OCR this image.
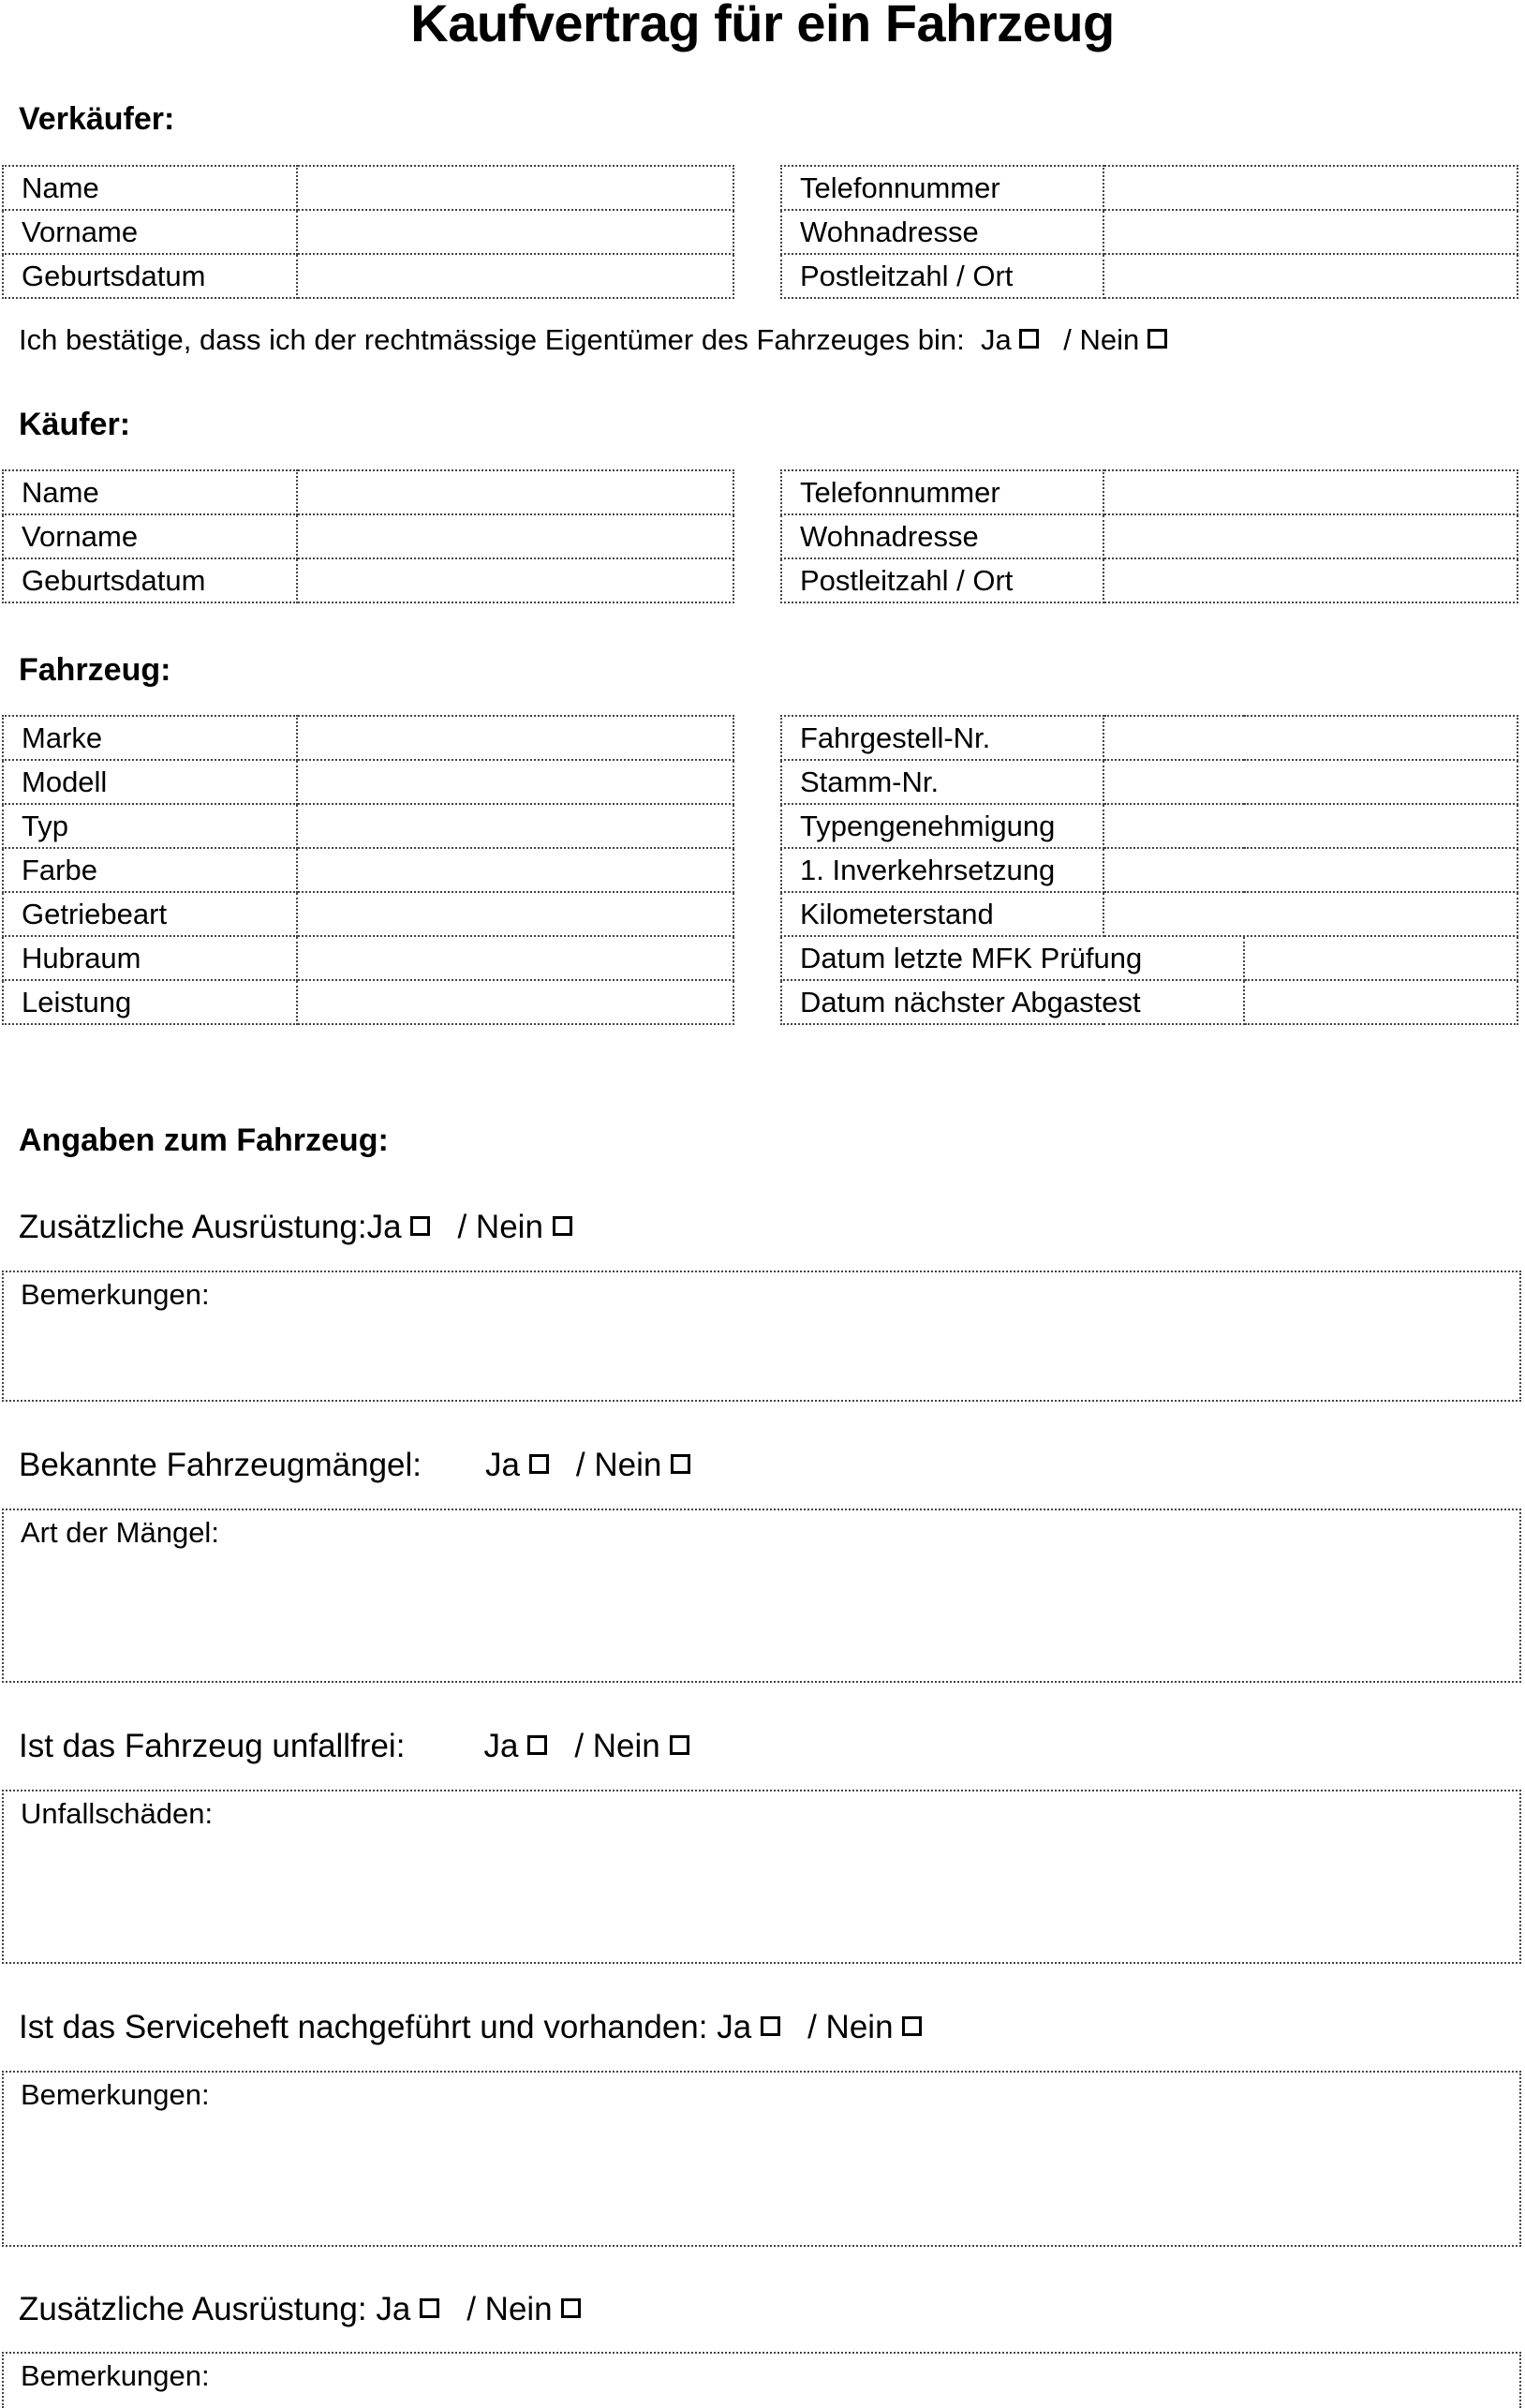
Kaufvertrag für ein Fahrzeug
Verkäufer:
Name	
Vorname	
Geburtsdatum	
Telefonnummer	
Wohnadresse	
Postleitzahl / Ort	
Ich bestätige, dass ich der rechtmässige Eigentümer des Fahrzeuges bin: Ja / Nein
Käufer:
Name	
Vorname	
Geburtsdatum	
Telefonnummer	
Wohnadresse	
Postleitzahl / Ort	
Fahrzeug:
Marke	
Modell	
Typ	
Farbe	
Getriebeart	
Hubraum	
Leistung	
Fahrgestell-Nr.		
Stamm-Nr.		
Typengenehmigung		
1. Inverkehrsetzung		
Kilometerstand		
Datum letzte MFK Prüfung		
Datum nächster Abgastest		
Angaben zum Fahrzeug:
Zusätzliche Ausrüstung:Ja / Nein
Bemerkungen:
Bekannte Fahrzeugmängel: Ja / Nein
Art der Mängel:
Ist das Fahrzeug unfallfrei: Ja / Nein
Unfallschäden:
Ist das Serviceheft nachgeführt und vorhanden: Ja / Nein
Bemerkungen:
Zusätzliche Ausrüstung: Ja / Nein
Bemerkungen:
